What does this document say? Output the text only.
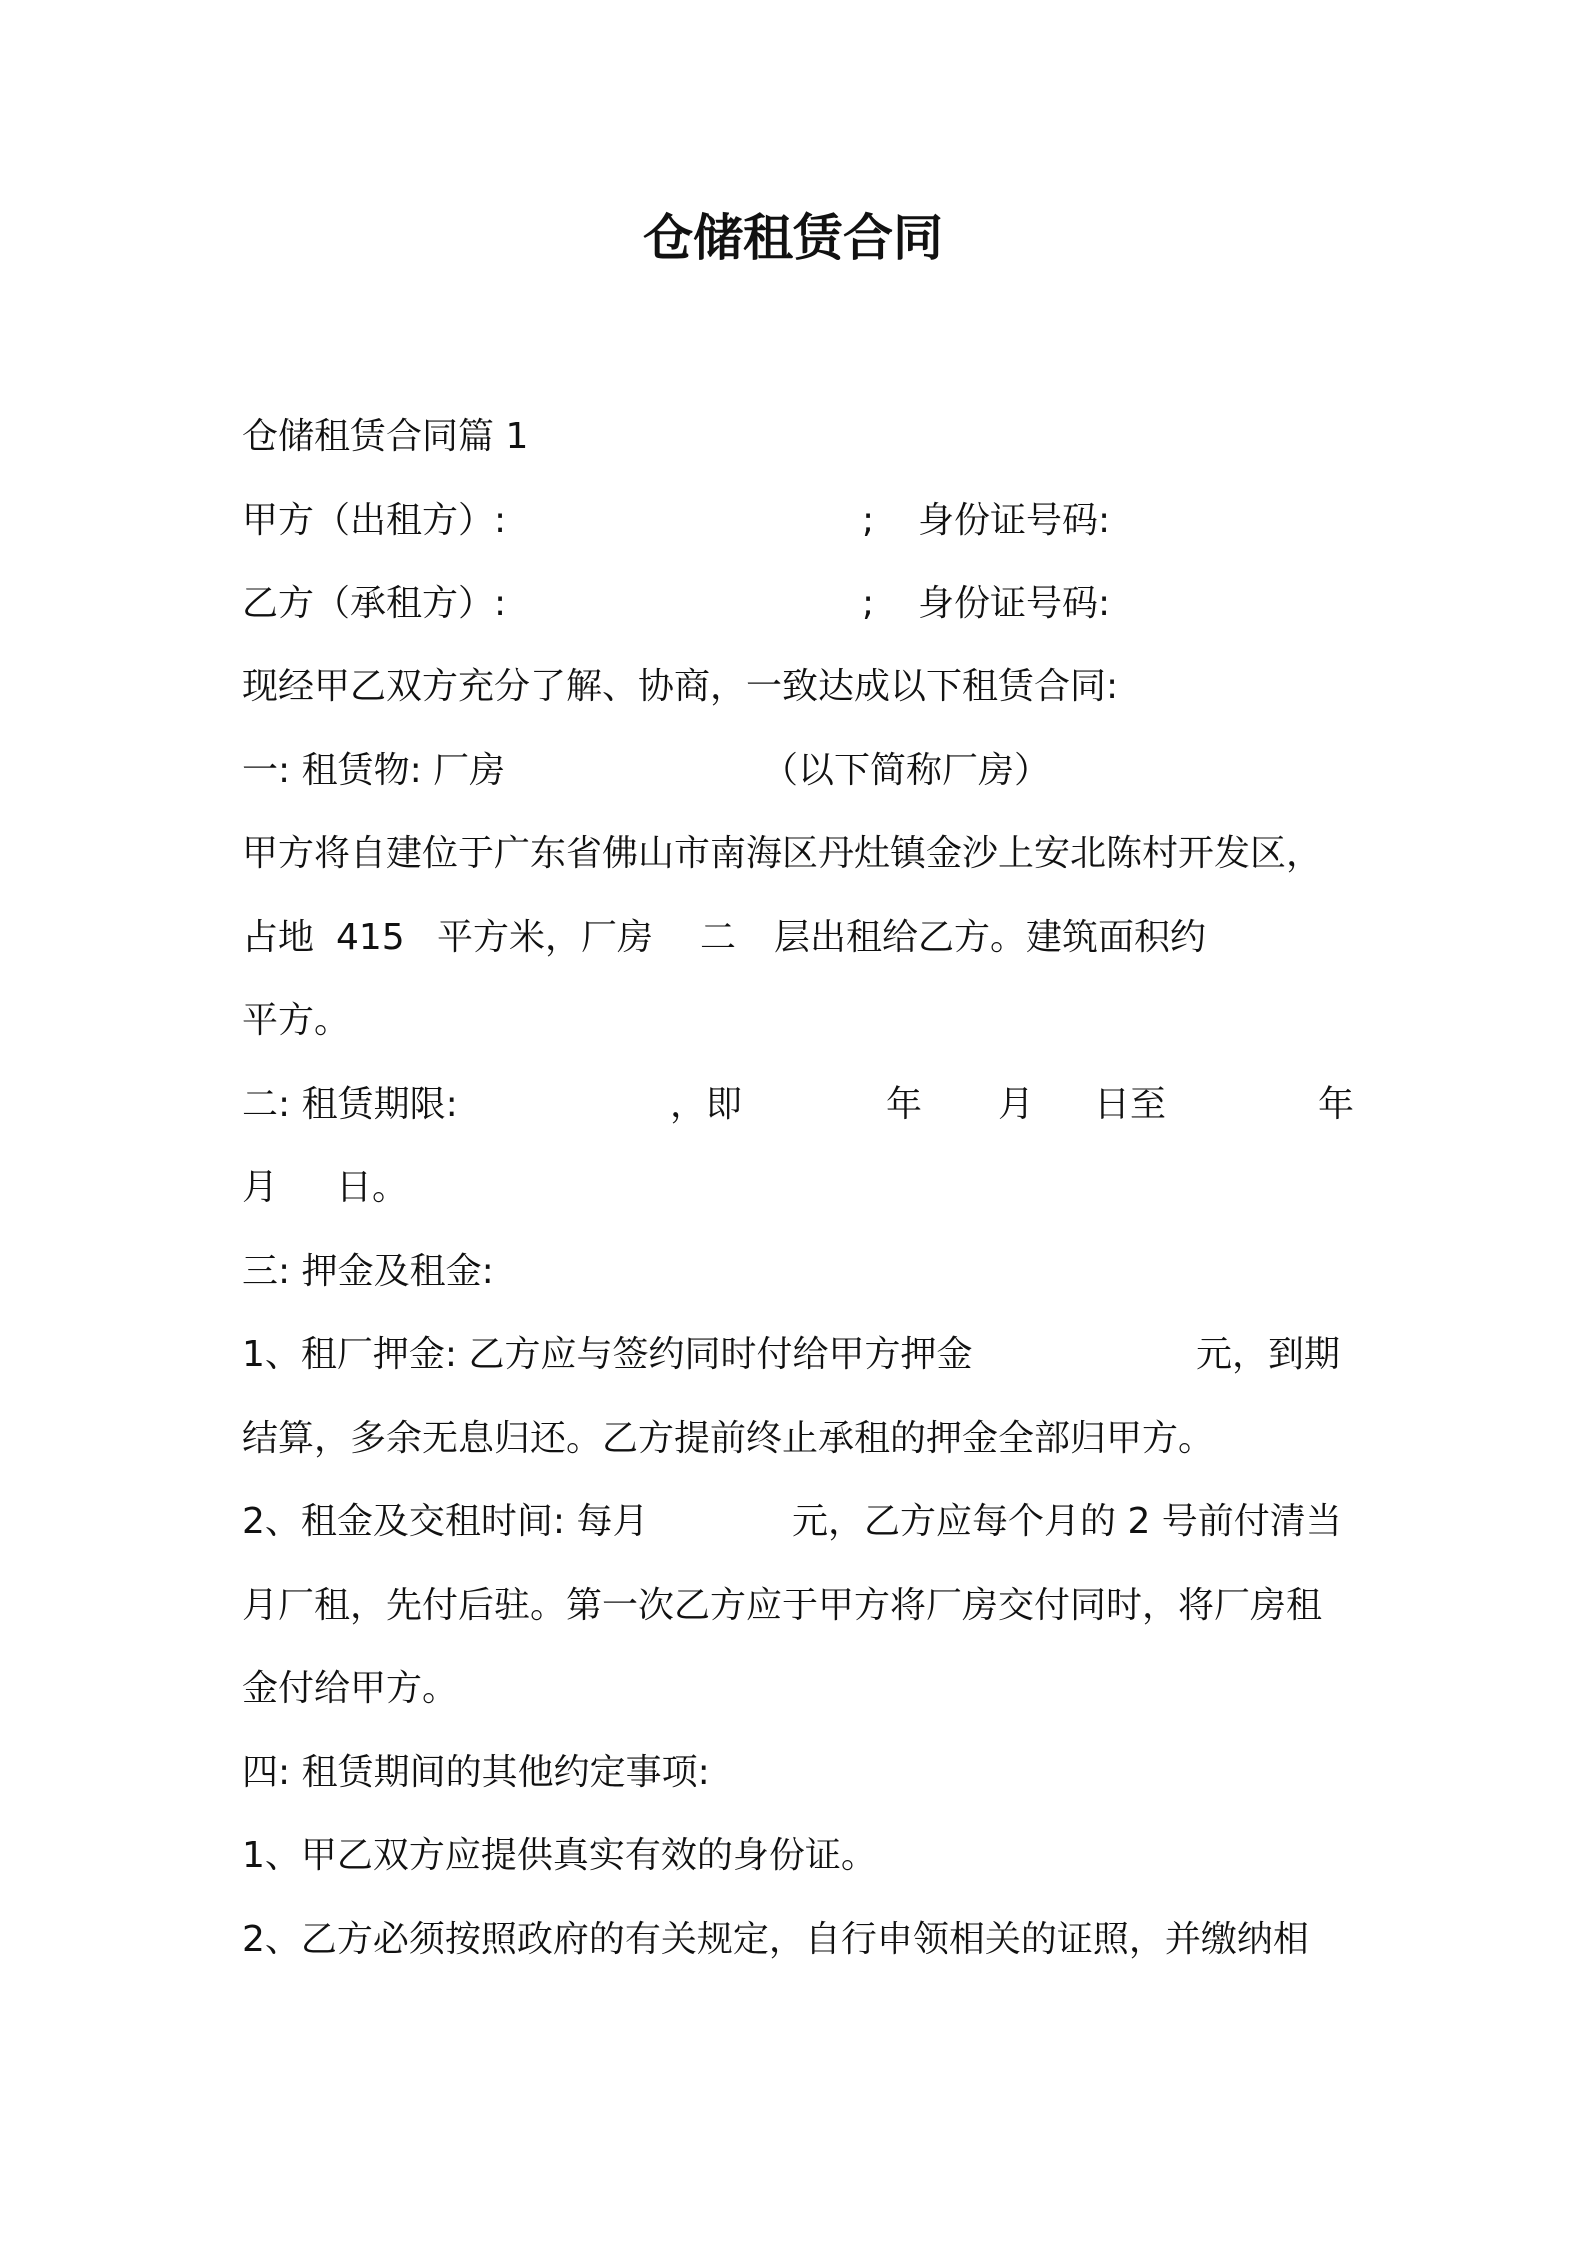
仓储租赁合同
仓储租赁合同篇 1
甲方（出租方）:	; 身份证号码:
乙方（承租方）:	; 身份证号码:
现经甲乙双方充分了解、协商，一致达成以下租赁合同:
一: 租赁物: 厂房	（以下简称厂房）
甲方将自建位于广东省佛山市南海区丹灶镇金沙上安北陈村开发区，
占地 415 平方米，厂房 二 层出租给乙方。建筑面积约
平方。
二: 租赁期限:	，即	年 月 日至	年
月 日。
三: 押金及租金:
1、租厂押金: 乙方应与签约同时付给甲方押金	元，到期
结算，多余无息归还。乙方提前终止承租的押金全部归甲方。
2、租金及交租时间: 每月	元，乙方应每个月的 2 号前付清当
月厂租，先付后驻。第一次乙方应于甲方将厂房交付同时，将厂房租
金付给甲方。
四: 租赁期间的其他约定事项:
1、甲乙双方应提供真实有效的身份证。
2、乙方必须按照政府的有关规定，自行申领相关的证照，并缴纳相
